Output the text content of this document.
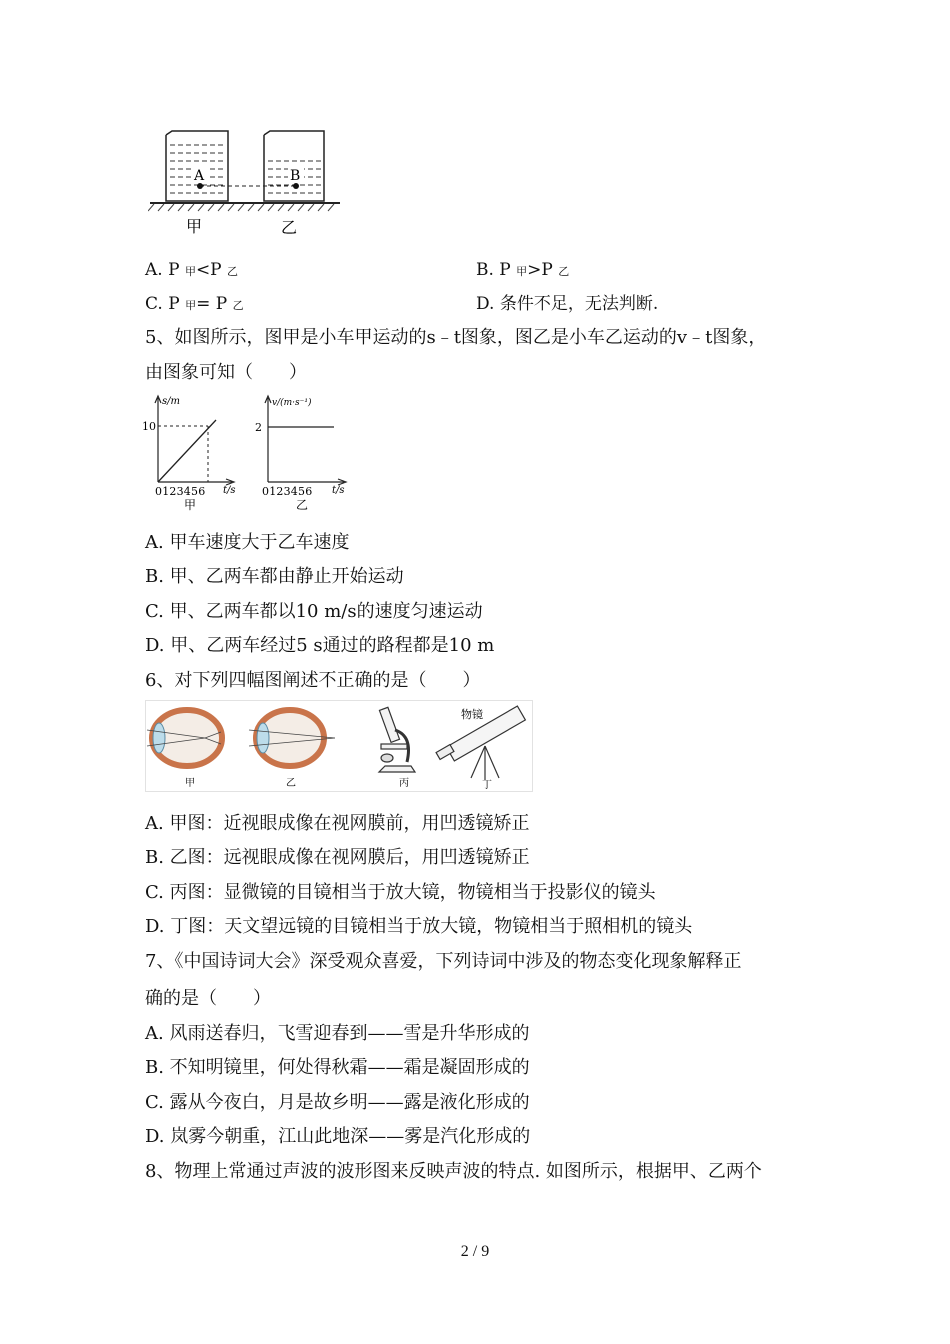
A	B
甲	乙
A. P 甲<P 乙	B. P 甲>P 乙
C. P 甲= P 乙	D. 条件不足，无法判断.
5、如图所示，图甲是小车甲运动的s﹣t图象，图乙是小车乙运动的v﹣t图象，
由图象可知（　　）
s/m
10
0123456 t/s
甲
v/(m·s⁻¹)
2
0123456 t/s
乙
A. 甲车速度大于乙车速度
B. 甲、乙两车都由静止开始运动
C. 甲、乙两车都以10 m/s的速度匀速运动
D. 甲、乙两车经过5 s通过的路程都是10 m
6、对下列四幅图阐述不正确的是（　　）
甲	乙	丙
物镜
丁
A. 甲图：近视眼成像在视网膜前，用凹透镜矫正
B. 乙图：远视眼成像在视网膜后，用凹透镜矫正
C. 丙图：显微镜的目镜相当于放大镜，物镜相当于投影仪的镜头
D. 丁图：天文望远镜的目镜相当于放大镜，物镜相当于照相机的镜头
7、《中国诗词大会》深受观众喜爱，下列诗词中涉及的物态变化现象解释正
确的是（　　）
A. 风雨送春归，飞雪迎春到——雪是升华形成的
B. 不知明镜里，何处得秋霜——霜是凝固形成的
C. 露从今夜白，月是故乡明——露是液化形成的
D. 岚雾今朝重，江山此地深——雾是汽化形成的
8、物理上常通过声波的波形图来反映声波的特点. 如图所示，根据甲、乙两个
2 / 9
